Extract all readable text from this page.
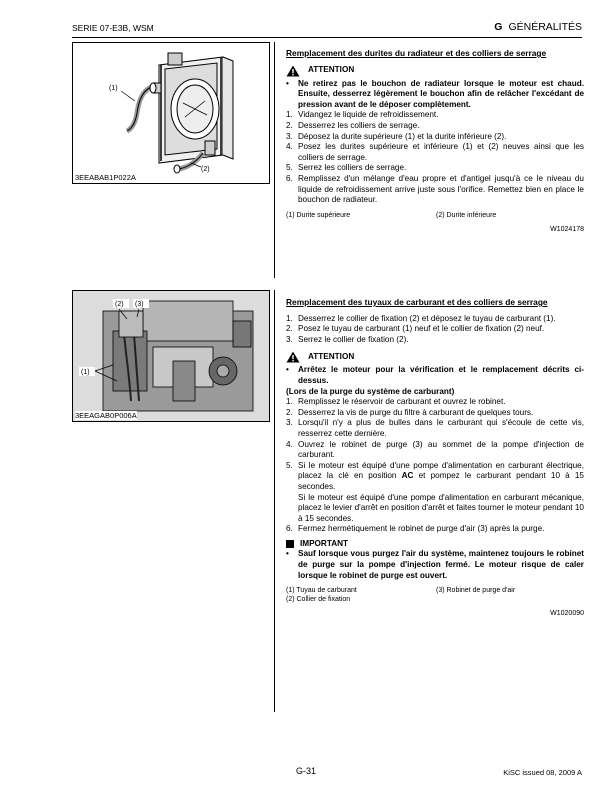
SERIE 07-E3B, WSM	G GÉNÉRALITÉS
(1)
(2)
3EEABAB1P022A
Remplacement des durites du radiateur et des colliers de serrage
ATTENTION
•	Ne retirez pas le bouchon de radiateur lorsque le moteur est chaud. Ensuite, desserrez légèrement le bouchon afin de relâcher l'excédant de pression avant de le déposer complètement.
1. Vidangez le liquide de refroidissement.
2. Desserrez les colliers de serrage.
3. Déposez la durite supérieure (1) et la durite inférieure (2).
4. Posez les durites supérieure et inférieure (1) et (2) neuves ainsi que les colliers de serrage.
5. Serrez les colliers de serrage.
6. Remplissez d'un mélange d'eau propre et d'antigel jusqu'à ce le niveau du liquide de refroidissement arrive juste sous l'orifice. Remettez bien en place le bouchon de radiateur.
(1) Durite supérieure	(2) Durite inférieure
W1024178
(2) (3)
(1)
3EEAGAB0P006A
Remplacement des tuyaux de carburant et des colliers de serrage
1. Desserrez le collier de fixation (2) et déposez le tuyau de carburant (1).
2. Posez le tuyau de carburant (1) neuf et le collier de fixation (2) neuf.
3. Serrez le collier de fixation (2).
ATTENTION
•	Arrêtez le moteur pour la vérification et le remplacement décrits ci-dessus.
(Lors de la purge du système de carburant)
1. Remplissez le réservoir de carburant et ouvrez le robinet.
2. Desserrez la vis de purge du filtre à carburant de quelques tours.
3. Lorsqu'il n'y a plus de bulles dans le carburant qui s'écoule de cette vis, resserrez cette dernière.
4. Ouvrez le robinet de purge (3) au sommet de la pompe d'injection de carburant.
5. Si le moteur est équipé d'une pompe d'alimentation en carburant électrique, placez la clé en position AC et pompez le carburant pendant 10 à 15 secondes.
Si le moteur est équipé d'une pompe d'alimentation en carburant mécanique, placez le levier d'arrêt en position d'arrêt et faites tourner le moteur pendant 10 à 15 secondes.
6. Fermez hermétiquement le robinet de purge d'air (3) après la purge.
IMPORTANT
•	Sauf lorsque vous purgez l'air du système, maintenez toujours le robinet de purge sur la pompe d'injection fermé. Le moteur risque de caler lorsque le robinet de purge est ouvert.
(1) Tuyau de carburant	(3) Robinet de purge d'air
(2) Collier de fixation
W1020090
G-31	KiSC issued 08, 2009 A
